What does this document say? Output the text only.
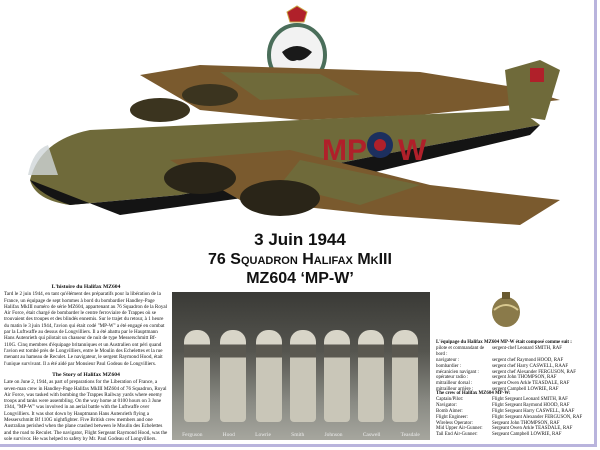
MP W
3 Juin 1944
76 Squadron Halifax MkIII
MZ604 ‘MP-W’
L'histoire du Halifax MZ604

Tard le 2 juin 1944, en tant qu'élément des préparatifs pour la libération de la France, un équipage de sept hommes à bord du bombardier Handley-Page Halifax MkIII numéro de série MZ604, appartenant au 76 Squadron de la Royal Air Force, était chargé de bombarder le centre ferroviaire de Trappes où se trouvaient des troupes et des blindés ennemis. Sur le trajet du retour, à 1 heure du matin le 3 juin 1944, l'avion qui était codé "MP-W" a été engagé en combat par la Luftwaffe au dessus de Longvilliers. Il a été abattu par le Hauptmann Hans Autenrieth qui pilotait un chasseur de nuit de type Messerschmitt Bf-110G. Cinq membres d'équipage britanniques et un Australien ont péri quand l'avion est tombé près de Longvilliers, entre le Moulin des Echelettes et la rue menant au hameau de Reculet. Le navigateur, le sergent Raymond Hood, était l'unique survivant. Il a été aidé par Monsieur Paul Godeau de Longvilliers.

The Story of Halifax MZ604

Late on June 2, 1944, as part of preparations for the Liberation of France, a seven-man crew in Handley-Page Halifax MkIII MZ604 of 76 Squadron, Royal Air Force, was tasked with bombing the Trappes Railway yards where enemy troops and tanks were assembling. On the way home at 0100 hours on 3 June 1944, "MP-W" was involved in an aerial battle with the Luftwaffe over Longvilliers. It was shot down by Hauptmann Hans Autenrieth flying a Messerschmitt Bf 110G nightfighter. Five British crew members and one Australian perished when the plane crashed between le Moulin des Echelettes and the road to Reculet. The navigator, Flight Sergeant Raymond Hood, was the sole survivor. He was helped to safety by Mr. Paul Godeau of Longvilliers.

Ferguson	Hood	Lowrie	Smith	Johnson	Caswell	Teasdale
L'équipage du Halifax MZ604 MP-W était composé comme suit :
pilote et commandant de bord :
sergent-chef Leonard SMITH, RAF
navigateur :	sergent chef Raymond HOOD, RAF
bombardier :	sergent chef Harry CASWELL, RAAF
mécanicien navigant :	sergent chef Alexander FERGUSON, RAF
opérateur radio :	sergent John THOMPSON, RAF
mitrailleur dorsal :	sergent Owen Arkle TEASDALE, RAF
mitrailleur arrière :	sergent Campbell LOWRIE, RAF
The crew of Halifax MZ604 MP-W:
Captain/Pilot:	Flight Sergeant Leonard SMITH, RAF
Navigator:	Flight Sergeant Raymond HOOD, RAF
Bomb Aimer:	Flight Sergeant Harry CASWELL, RAAF
Flight Engineer:	Flight Sergeant Alexander FERGUSON, RAF
Wireless Operator:	Sergeant John THOMPSON, RAF
Mid Upper Air-Gunner:	Sergeant Owen Arkle TEASDALE, RAF
Tail End Air-Gunner:	Sergeant Campbell LOWRIE, RAF
